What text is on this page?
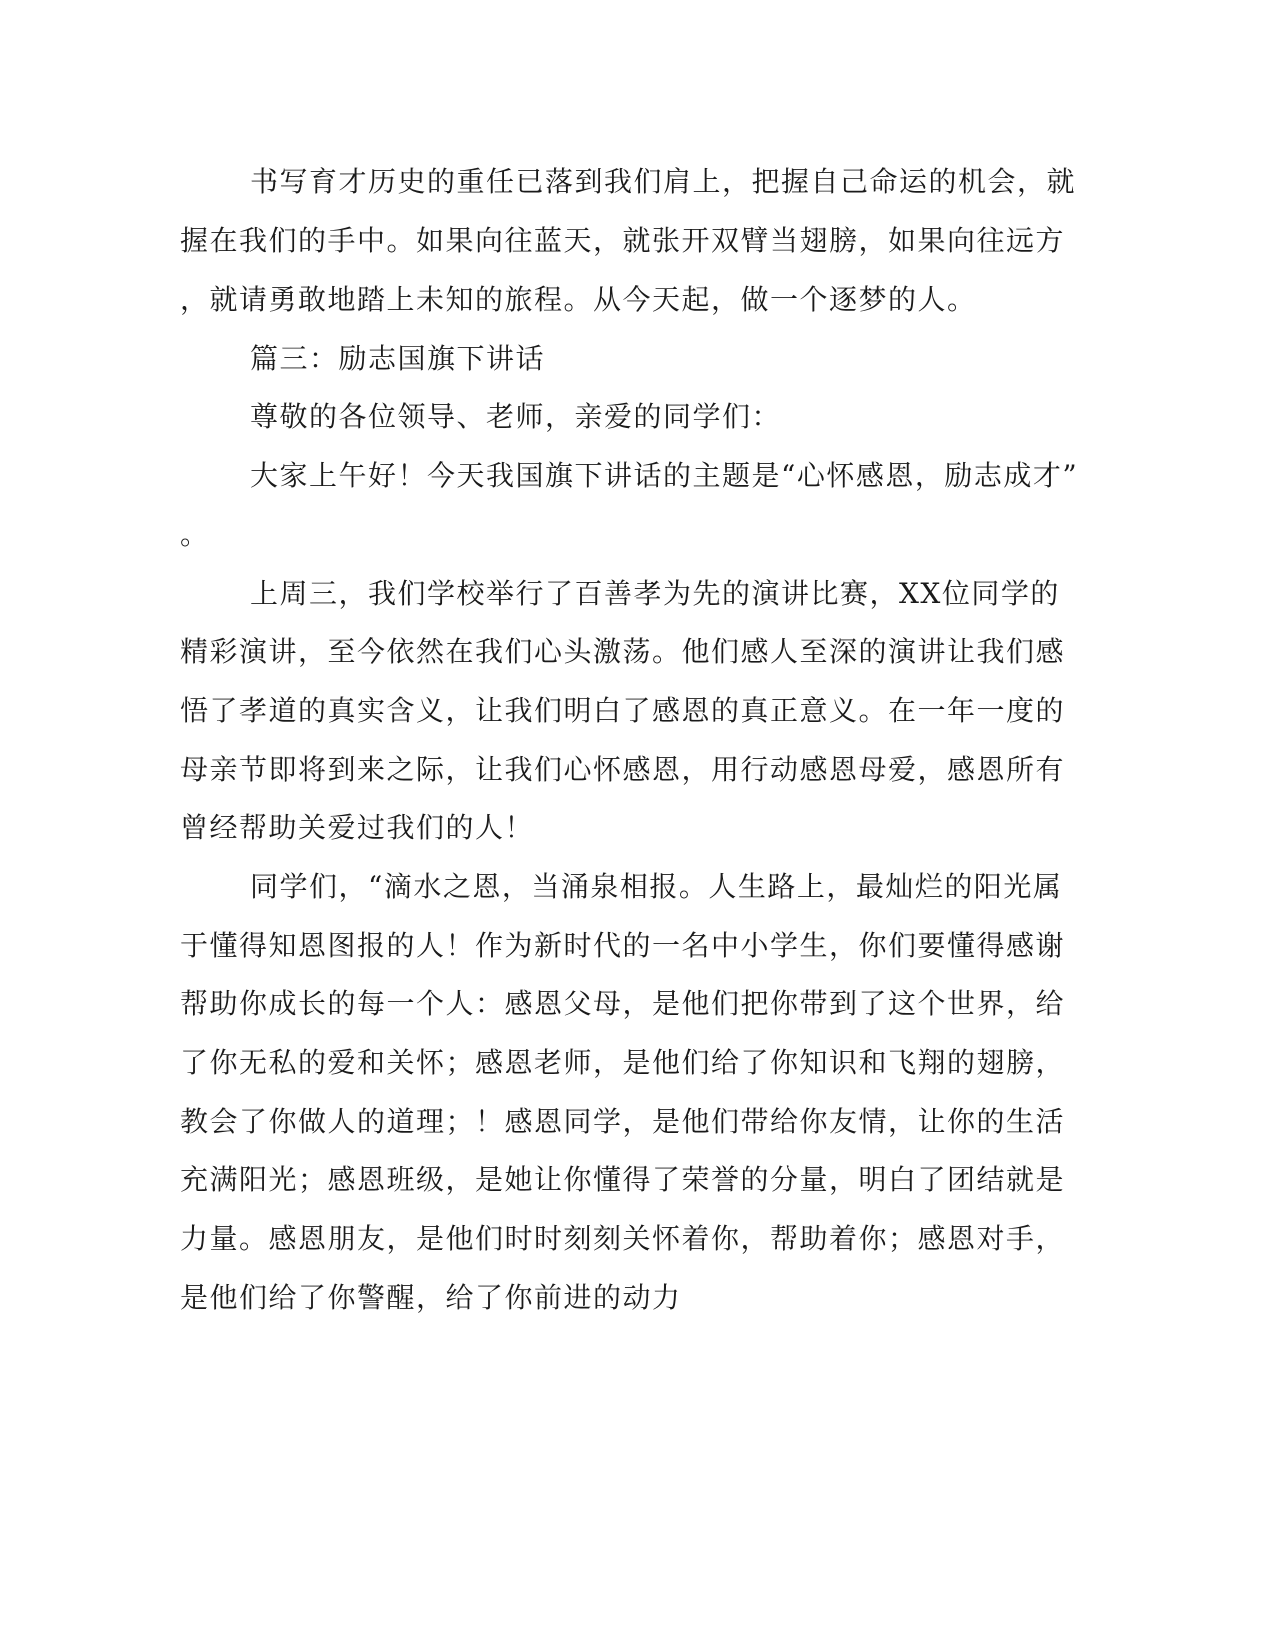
书写育才历史的重任已落到我们肩上，把握自己命运的机会，就
握在我们的手中。如果向往蓝天，就张开双臂当翅膀，如果向往远方
，就请勇敢地踏上未知的旅程。从今天起，做一个逐梦的人。
篇三：励志国旗下讲话
尊敬的各位领导、老师，亲爱的同学们：
大家上午好！今天我国旗下讲话的主题是“心怀感恩，励志成才”
。
上周三，我们学校举行了百善孝为先的演讲比赛，XX位同学的
精彩演讲，至今依然在我们心头激荡。他们感人至深的演讲让我们感
悟了孝道的真实含义，让我们明白了感恩的真正意义。在一年一度的
母亲节即将到来之际，让我们心怀感恩，用行动感恩母爱，感恩所有
曾经帮助关爱过我们的人！
同学们，“滴水之恩，当涌泉相报。人生路上，最灿烂的阳光属
于懂得知恩图报的人！作为新时代的一名中小学生，你们要懂得感谢
帮助你成长的每一个人：感恩父母，是他们把你带到了这个世界，给
了你无私的爱和关怀；感恩老师，是他们给了你知识和飞翔的翅膀，
教会了你做人的道理；！感恩同学，是他们带给你友情，让你的生活
充满阳光；感恩班级，是她让你懂得了荣誉的分量，明白了团结就是
力量。感恩朋友，是他们时时刻刻关怀着你，帮助着你；感恩对手，
是他们给了你警醒，给了你前进的动力
